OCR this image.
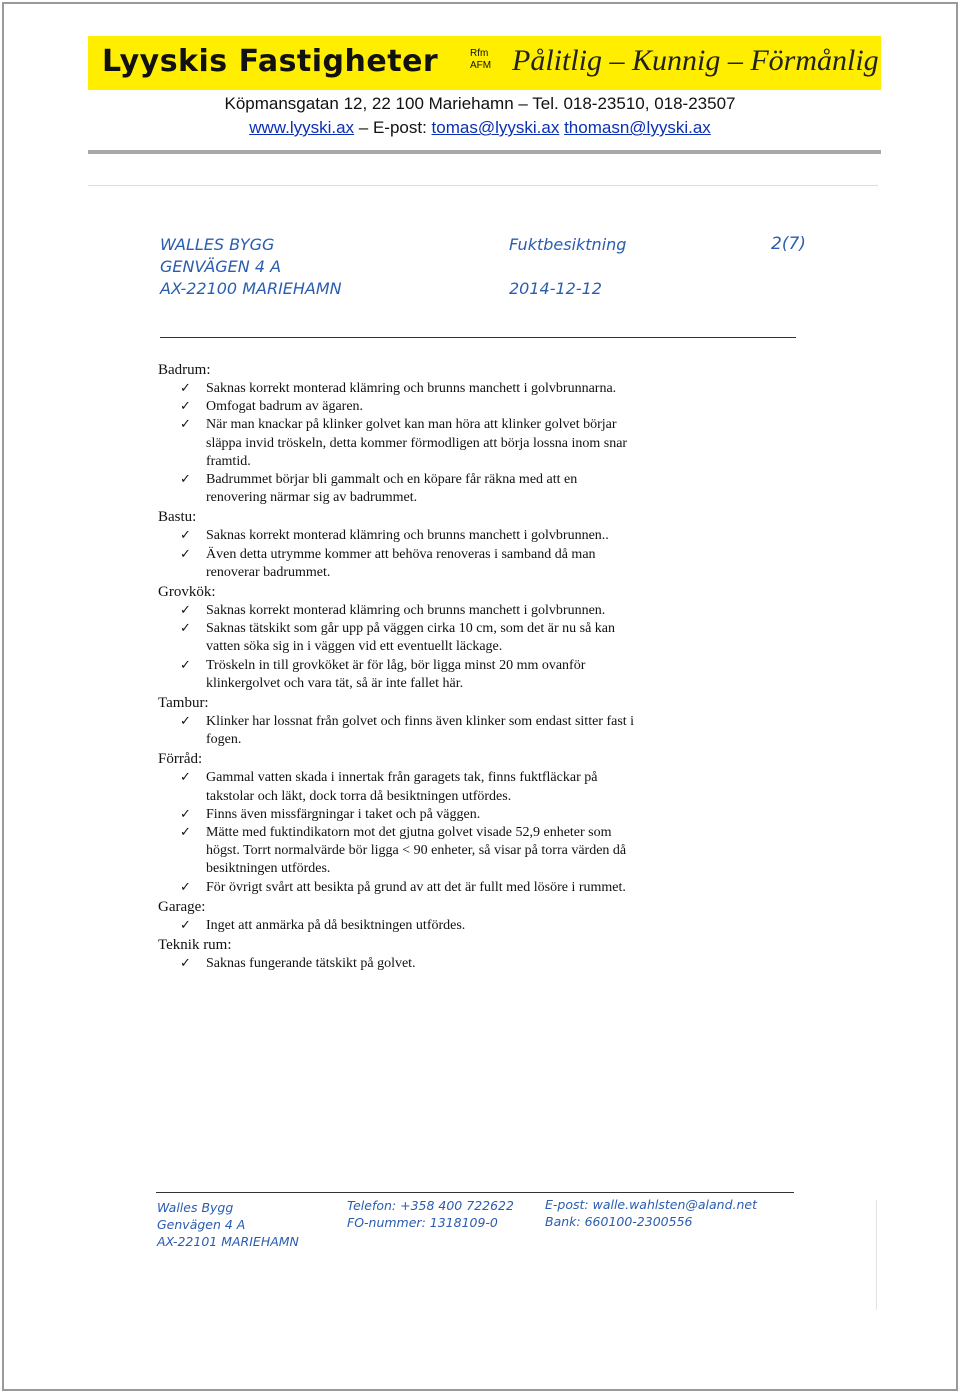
Lyyskis Fastigheter	Rfm
AFM Pålitlig – Kunnig – Förmånlig
Köpmansgatan 12, 22 100 Mariehamn – Tel. 018-23510, 018-23507
www.lyyski.ax – E-post: tomas@lyyski.ax thomasn@lyyski.ax
WALLES BYGG
GENVÄGEN 4 A
AX-22100 MARIEHAMN
Fuktbesiktning
2014-12-12
2(7)
Badrum:
✓ Saknas korrekt monterad klämring och brunns manchett i golvbrunnarna.
✓ Omfogat badrum av ägaren.
✓ När man knackar på klinker golvet kan man höra att klinker golvet börjar släppa invid tröskeln, detta kommer förmodligen att börja lossna inom snar framtid.
✓ Badrummet börjar bli gammalt och en köpare får räkna med att en renovering närmar sig av badrummet.
Bastu:
✓ Saknas korrekt monterad klämring och brunns manchett i golvbrunnen..
✓ Även detta utrymme kommer att behöva renoveras i samband då man renoverar badrummet.
Grovkök:
✓ Saknas korrekt monterad klämring och brunns manchett i golvbrunnen.
✓ Saknas tätskikt som går upp på väggen cirka 10 cm, som det är nu så kan vatten söka sig in i väggen vid ett eventuellt läckage.
✓ Tröskeln in till grovköket är för låg, bör ligga minst 20 mm ovanför klinkergolvet och vara tät, så är inte fallet här.
Tambur:
✓ Klinker har lossnat från golvet och finns även klinker som endast sitter fast i fogen.
Förråd:
✓ Gammal vatten skada i innertak från garagets tak, finns fuktfläckar på takstolar och läkt, dock torra då besiktningen utfördes.
✓ Finns även missfärgningar i taket och på väggen.
✓ Mätte med fuktindikatorn mot det gjutna golvet visade 52,9 enheter som högst. Torrt normalvärde bör ligga < 90 enheter, så visar på torra värden då besiktningen utfördes.
✓ För övrigt svårt att besikta på grund av att det är fullt med lösöre i rummet.
Garage:
✓ Inget att anmärka på då besiktningen utfördes.
Teknik rum:
✓ Saknas fungerande tätskikt på golvet.
Walles Bygg
Genvägen 4 A
AX-22101 MARIEHAMN
Telefon: +358 400 722622
FO-nummer: 1318109-0
E-post: walle.wahlsten@aland.net
Bank: 660100-2300556
